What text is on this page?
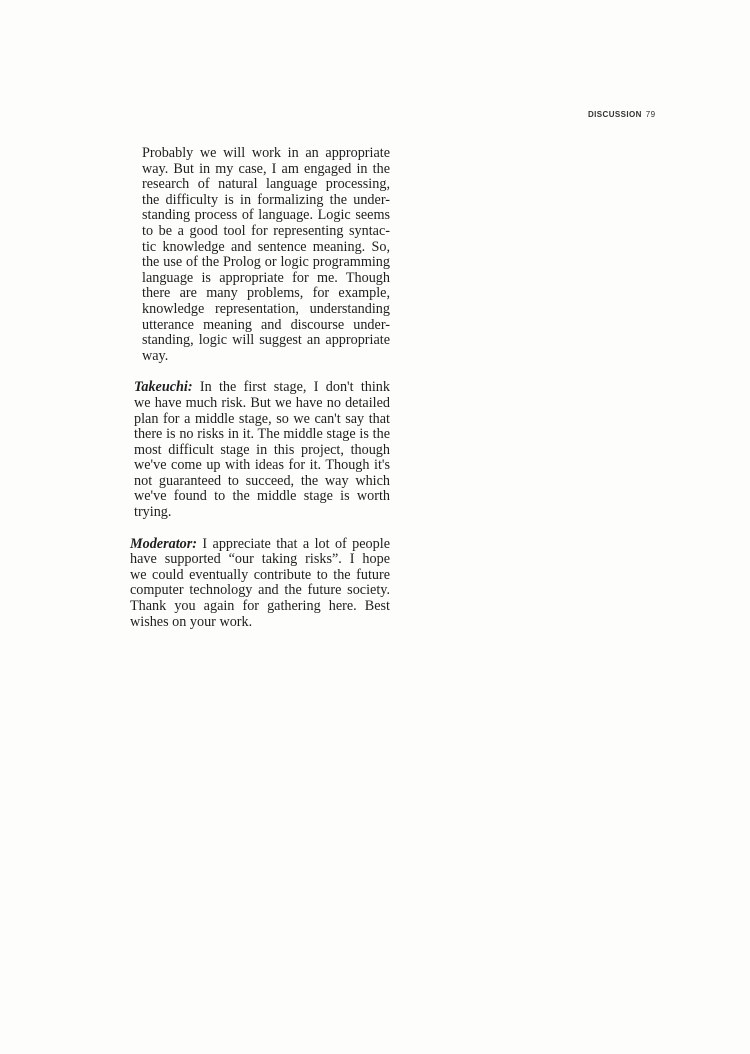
DISCUSSION 79

Probably we will work in an appropriate
way. But in my case, I am engaged in the
research of natural language processing,
the difficulty is in formalizing the under-
standing process of language. Logic seems
to be a good tool for representing syntac-
tic knowledge and sentence meaning. So,
the use of the Prolog or logic programming
language is appropriate for me. Though
there are many problems, for example,
knowledge representation, understanding
utterance meaning and discourse under-
standing, logic will suggest an appropriate
way.

Takeuchi: In the first stage, I don't think
we have much risk. But we have no detailed
plan for a middle stage, so we can't say that
there is no risks in it. The middle stage is the
most difficult stage in this project, though
we've come up with ideas for it. Though it's
not guaranteed to succeed, the way which
we've found to the middle stage is worth
trying.

Moderator: I appreciate that a lot of people
have supported “our taking risks”. I hope
we could eventually contribute to the future
computer technology and the future society.
Thank you again for gathering here. Best
wishes on your work.
